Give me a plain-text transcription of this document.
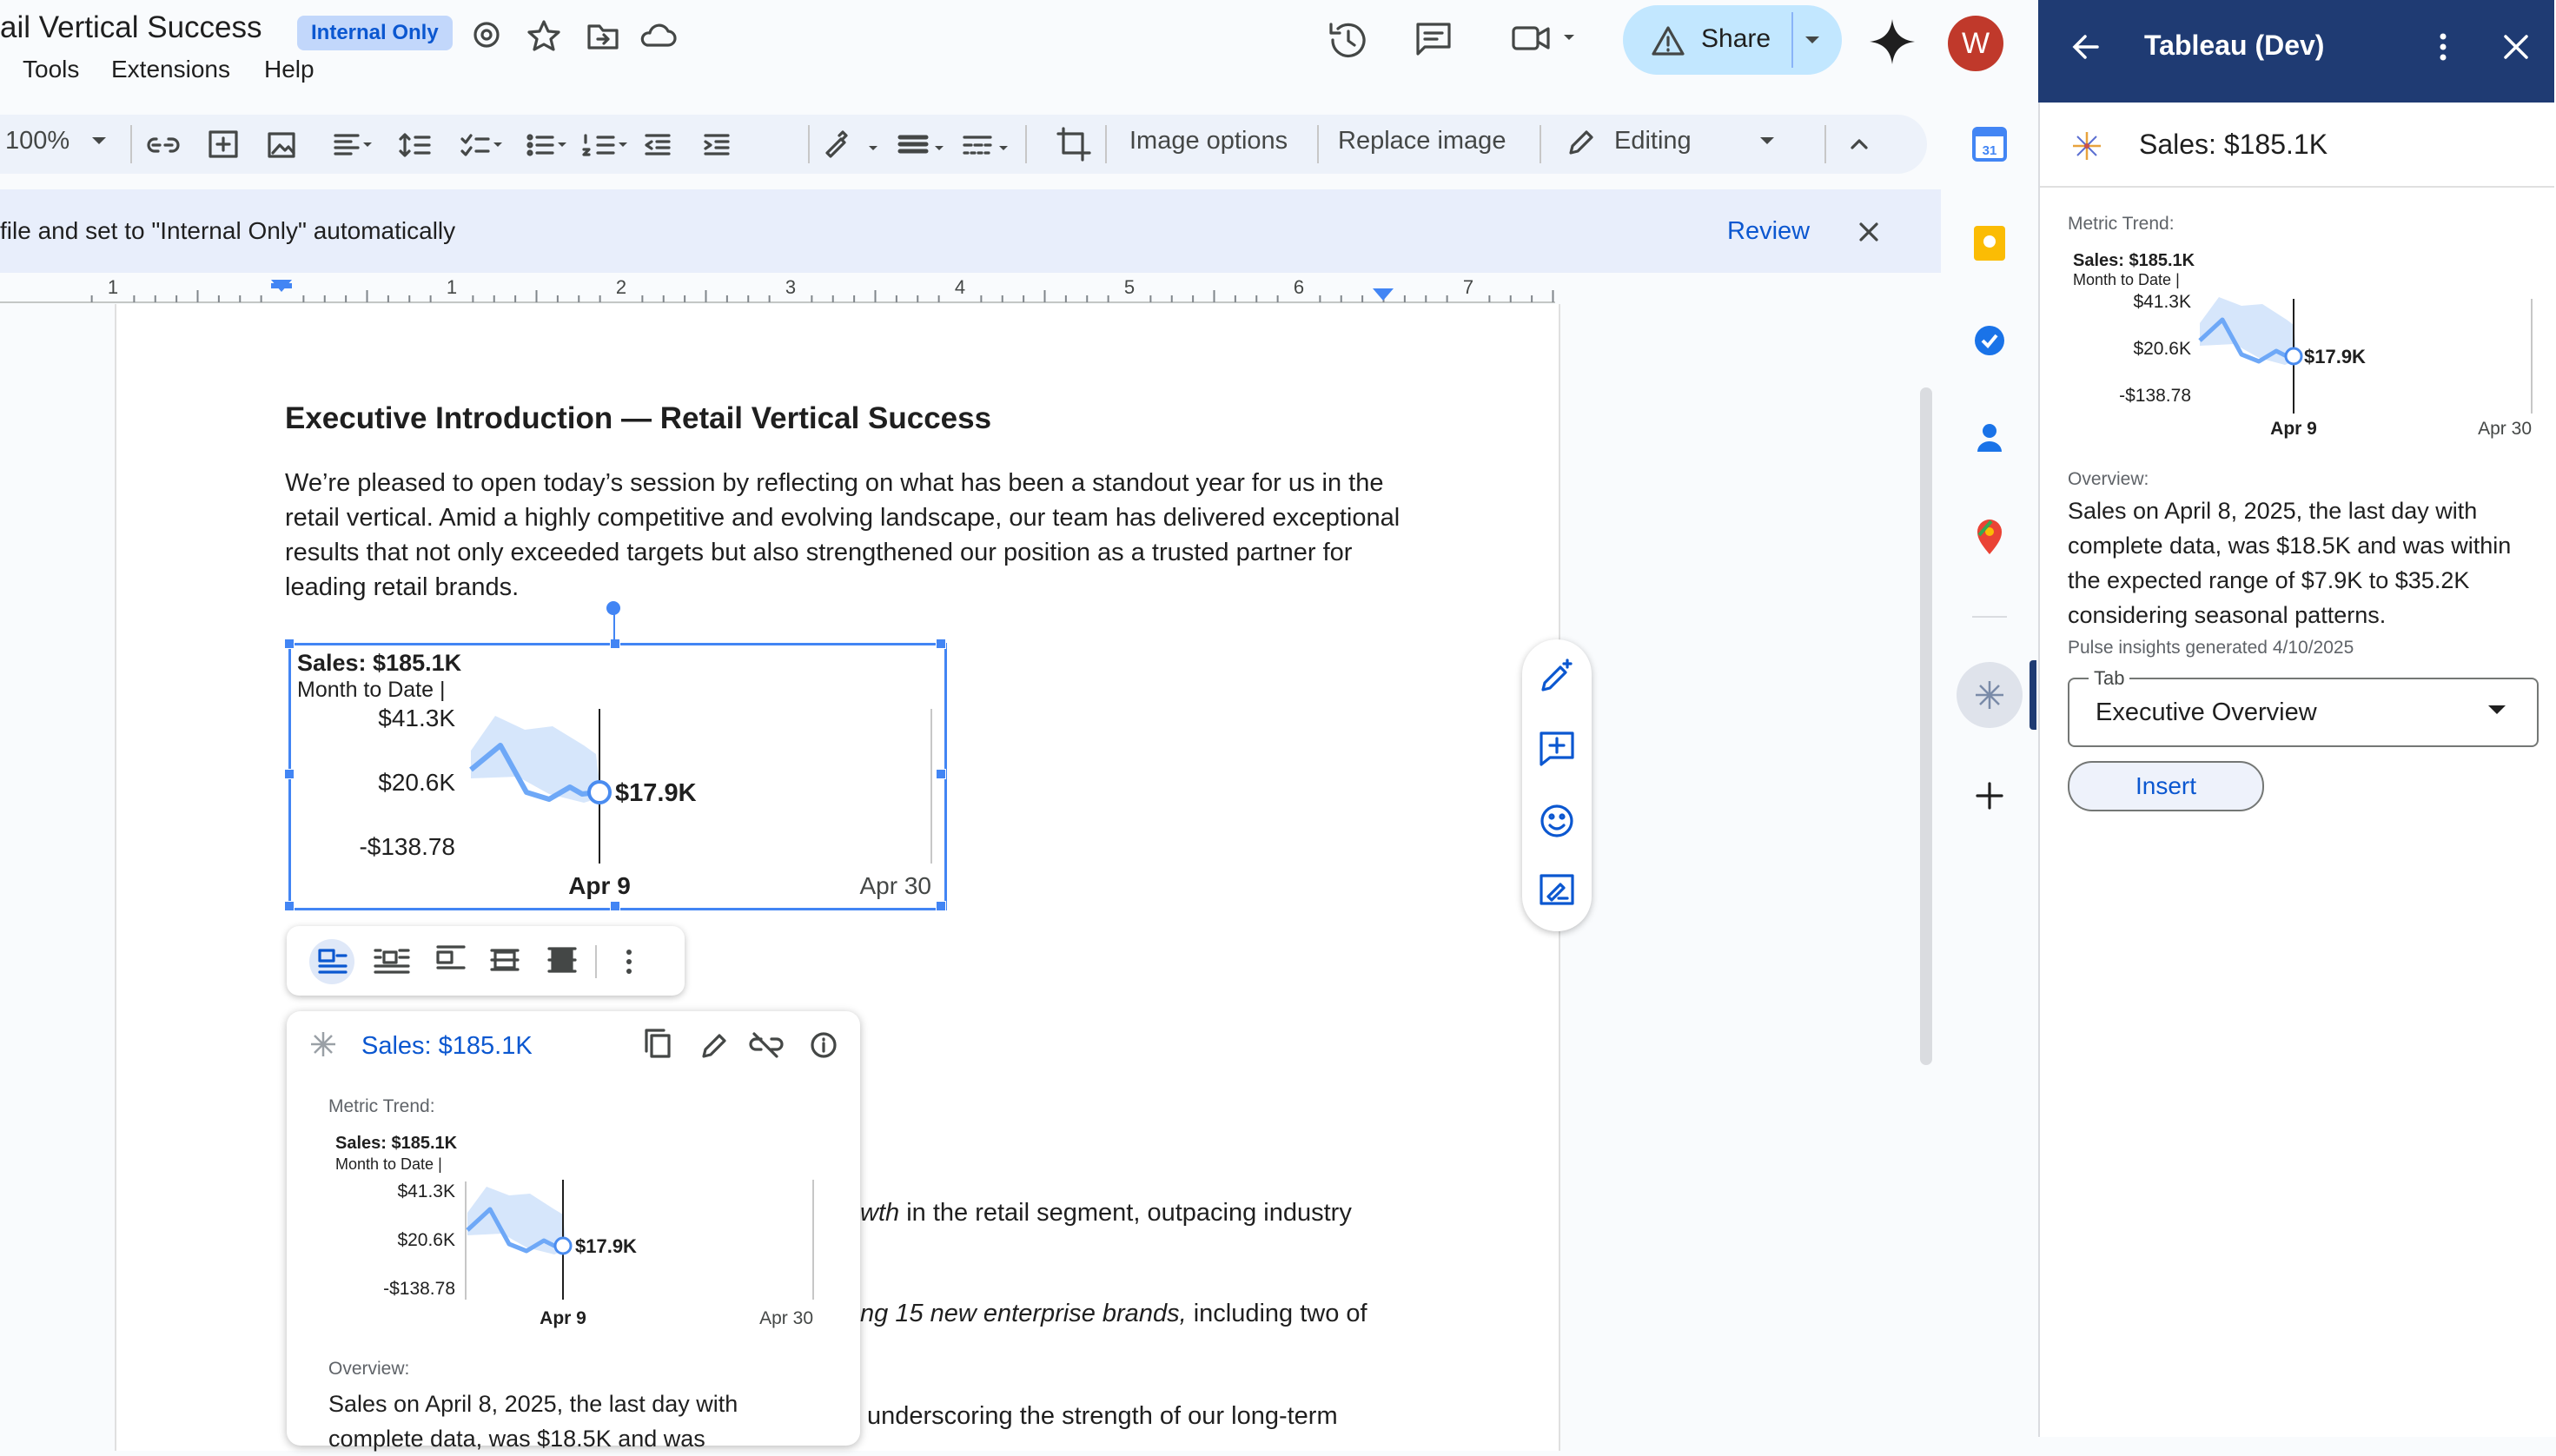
ail Vertical Success	Internal Only
Tools Extensions Help
Share	W
100%	Image options Replace image	Editing
file and set to "Internal Only" automatically	Review
1	1	2	3	4	5	6	7
Executive Introduction — Retail Vertical Success
We’re pleased to open today’s session by reflecting on what has been a standout year for us in the retail vertical. Amid a highly competitive and evolving landscape, our team has delivered exceptional results that not only exceeded targets but also strengthened our position as a trusted partner for leading retail brands.
Sales: $185.1K
Month to Date |
$41.3K
$20.6K
-$138.78
$17.9K
Apr 9	Apr 30
wth in the retail segment, outpacing industry
ng 15 new enterprise brands, including two of
underscoring the strength of our long-term
Sales: $185.1K
Metric Trend:
Sales: $185.1K
Month to Date |
$41.3K
$20.6K
-$138.78
$17.9K
Apr 9	Apr 30
Overview:
Sales on April 8, 2025, the last day with complete data, was $18.5K and was
31
Tableau (Dev)
Sales: $185.1K
Metric Trend:
Sales: $185.1K
Month to Date |
$41.3K
$20.6K
-$138.78
$17.9K
Apr 9	Apr 30
Overview:
Sales on April 8, 2025, the last day with complete data, was $18.5K and was within the expected range of $7.9K to $35.2K considering seasonal patterns.
Pulse insights generated 4/10/2025
Tab
Executive Overview
Insert
